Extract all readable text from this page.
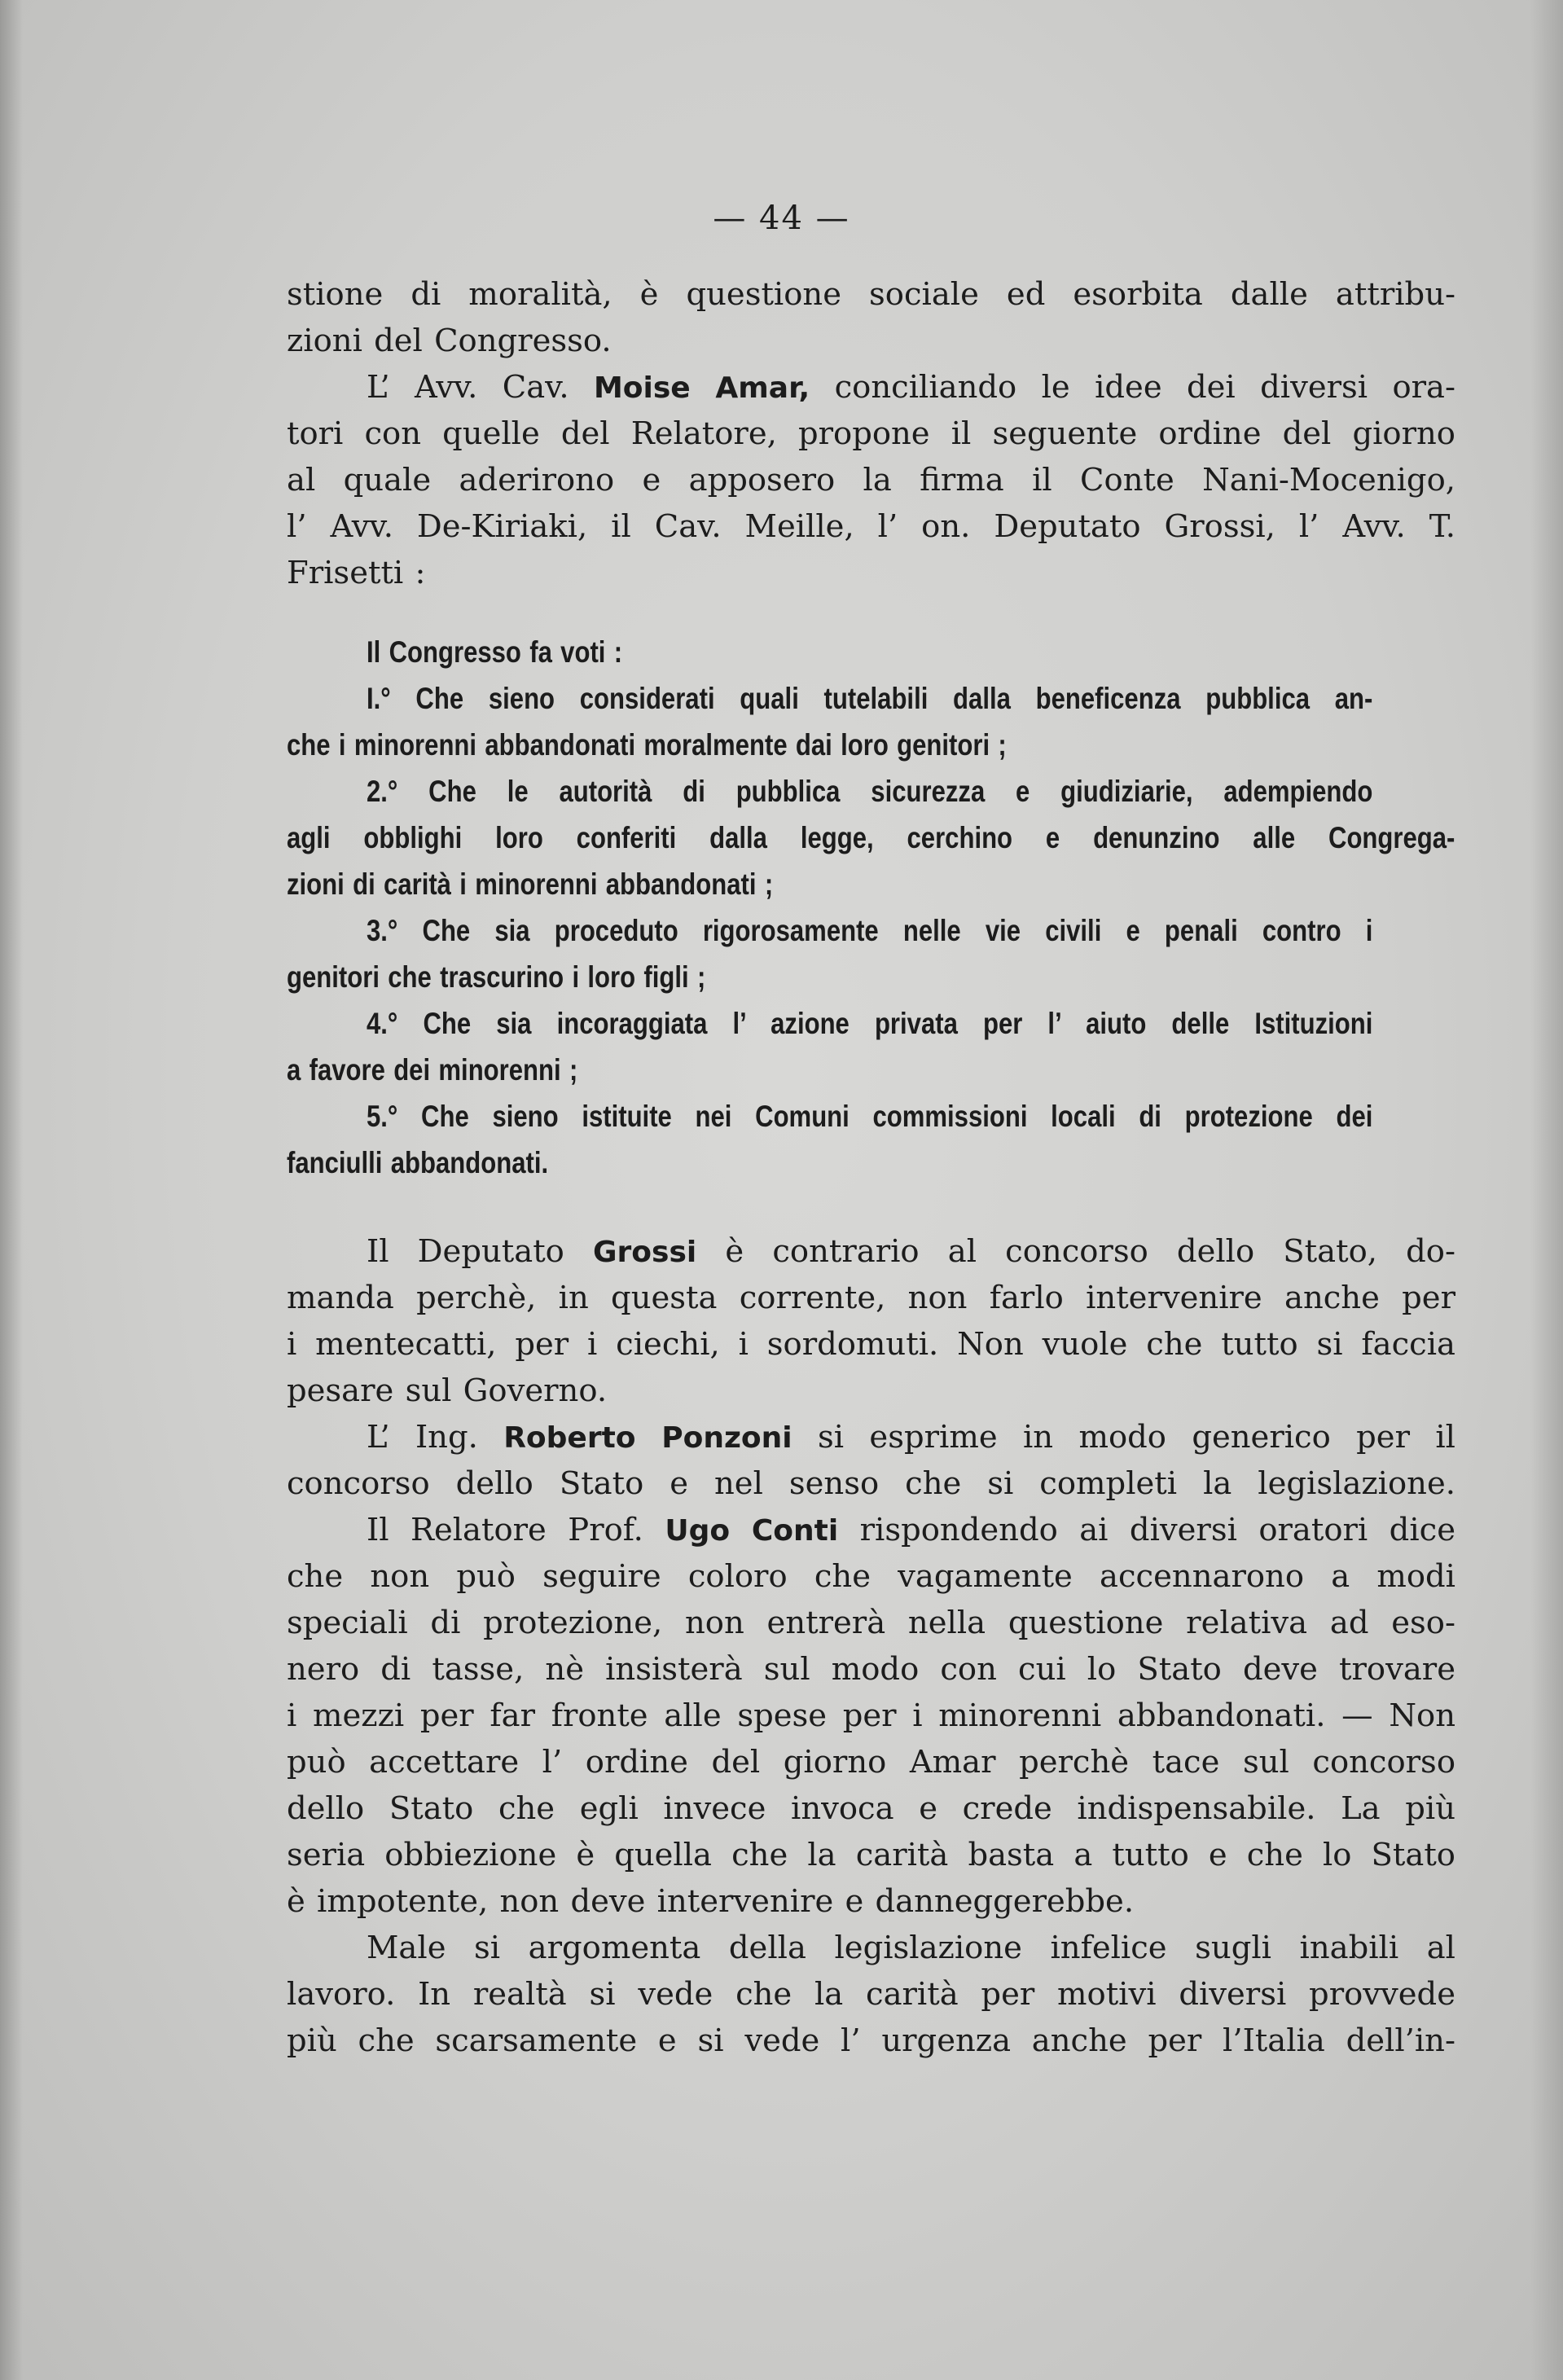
— 44 —
stione di moralità, è questione sociale ed esorbita dalle attribu-
zioni del Congresso.
L’ Avv. Cav. Moise Amar, conciliando le idee dei diversi ora-
tori con quelle del Relatore, propone il seguente ordine del giorno
al quale aderirono e apposero la firma il Conte Nani-Mocenigo,
l’ Avv. De-Kiriaki, il Cav. Meille, l’ on. Deputato Grossi, l’ Avv. T.
Frisetti :
Il Congresso fa voti :
I.° Che sieno considerati quali tutelabili dalla beneficenza pubblica an-
che i minorenni abbandonati moralmente dai loro genitori ;
2.° Che le autorità di pubblica sicurezza e giudiziarie, adempiendo
agli obblighi loro conferiti dalla legge, cerchino e denunzino alle Congrega-
zioni di carità i minorenni abbandonati ;
3.° Che sia proceduto rigorosamente nelle vie civili e penali contro i
genitori che trascurino i loro figli ;
4.° Che sia incoraggiata l’ azione privata per l’ aiuto delle Istituzioni
a favore dei minorenni ;
5.° Che sieno istituite nei Comuni commissioni locali di protezione dei
fanciulli abbandonati.
Il Deputato Grossi è contrario al concorso dello Stato, do-
manda perchè, in questa corrente, non farlo intervenire anche per
i mentecatti, per i ciechi, i sordomuti. Non vuole che tutto si faccia
pesare sul Governo.
L’ Ing. Roberto Ponzoni si esprime in modo generico per il
concorso dello Stato e nel senso che si completi la legislazione.
Il Relatore Prof. Ugo Conti rispondendo ai diversi oratori dice
che non può seguire coloro che vagamente accennarono a modi
speciali di protezione, non entrerà nella questione relativa ad eso-
nero di tasse, nè insisterà sul modo con cui lo Stato deve trovare
i mezzi per far fronte alle spese per i minorenni abbandonati. — Non
può accettare l’ ordine del giorno Amar perchè tace sul concorso
dello Stato che egli invece invoca e crede indispensabile. La più
seria obbiezione è quella che la carità basta a tutto e che lo Stato
è impotente, non deve intervenire e danneggerebbe.
Male si argomenta della legislazione infelice sugli inabili al
lavoro. In realtà si vede che la carità per motivi diversi provvede
più che scarsamente e si vede l’ urgenza anche per l’Italia dell’in-
